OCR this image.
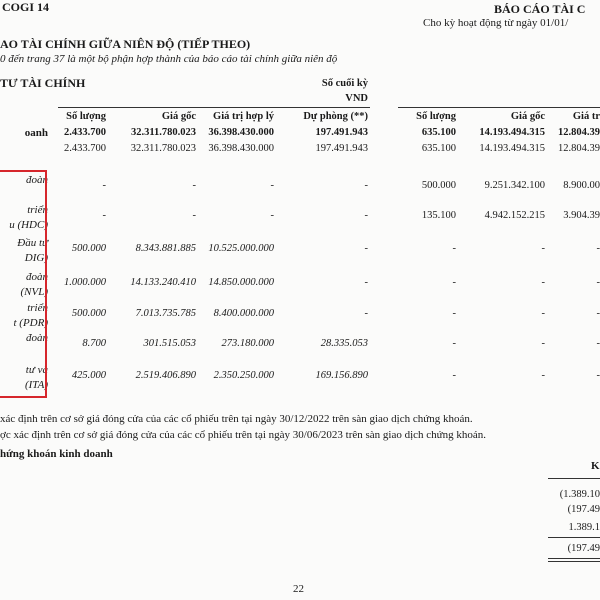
COGI 14	BÁO CÁO TÀI C
Cho kỳ hoạt động từ ngày 01/01/
AO TÀI CHÍNH GIỮA NIÊN ĐỘ (TIẾP THEO)
0 đến trang 37 là một bộ phận hợp thành của báo cáo tài chính giữa niên độ
TƯ TÀI CHÍNH	Số cuối kỳ
VND
Số lượng	Giá gốc	Giá trị hợp lý	Dự phòng (**)	Số lượng	Giá gốc	Giá tr
oanh	2.433.700	32.311.780.023	36.398.430.000	197.491.943	635.100	14.193.494.315	12.804.39
2.433.700	32.311.780.023	36.398.430.000	197.491.943	635.100	14.193.494.315	12.804.39
đoàn
.
-	-	-	-	500.000	9.251.342.100	8.900.00
triển
u (HDC)
-	-	-	-	135.100	4.942.152.215	3.904.39
Đầu tư
DIG)
500.000	8.343.881.885	10.525.000.000	-	-	-	-
đoàn
(NVL)
1.000.000	14.133.240.410	14.850.000.000	-	-	-	-
triển
t (PDR)
500.000	7.013.735.785	8.400.000.000	-	-	-	-
đoàn
.
8.700	301.515.053	273.180.000	28.335.053	-	-	-
tư và
(ITA)
425.000	2.519.406.890	2.350.250.000	169.156.890	-	-	-
xác định trên cơ sở giá đóng cửa của các cổ phiếu trên tại ngày 30/12/2022 trên sàn giao dịch chứng khoán.
ợc xác định trên cơ sở giá đóng cửa của các cổ phiếu trên tại ngày 30/06/2023 trên sàn giao dịch chứng khoán.
hứng khoán kinh doanh
K
(1.389.10
(197.49
1.389.1
(197.49
22
